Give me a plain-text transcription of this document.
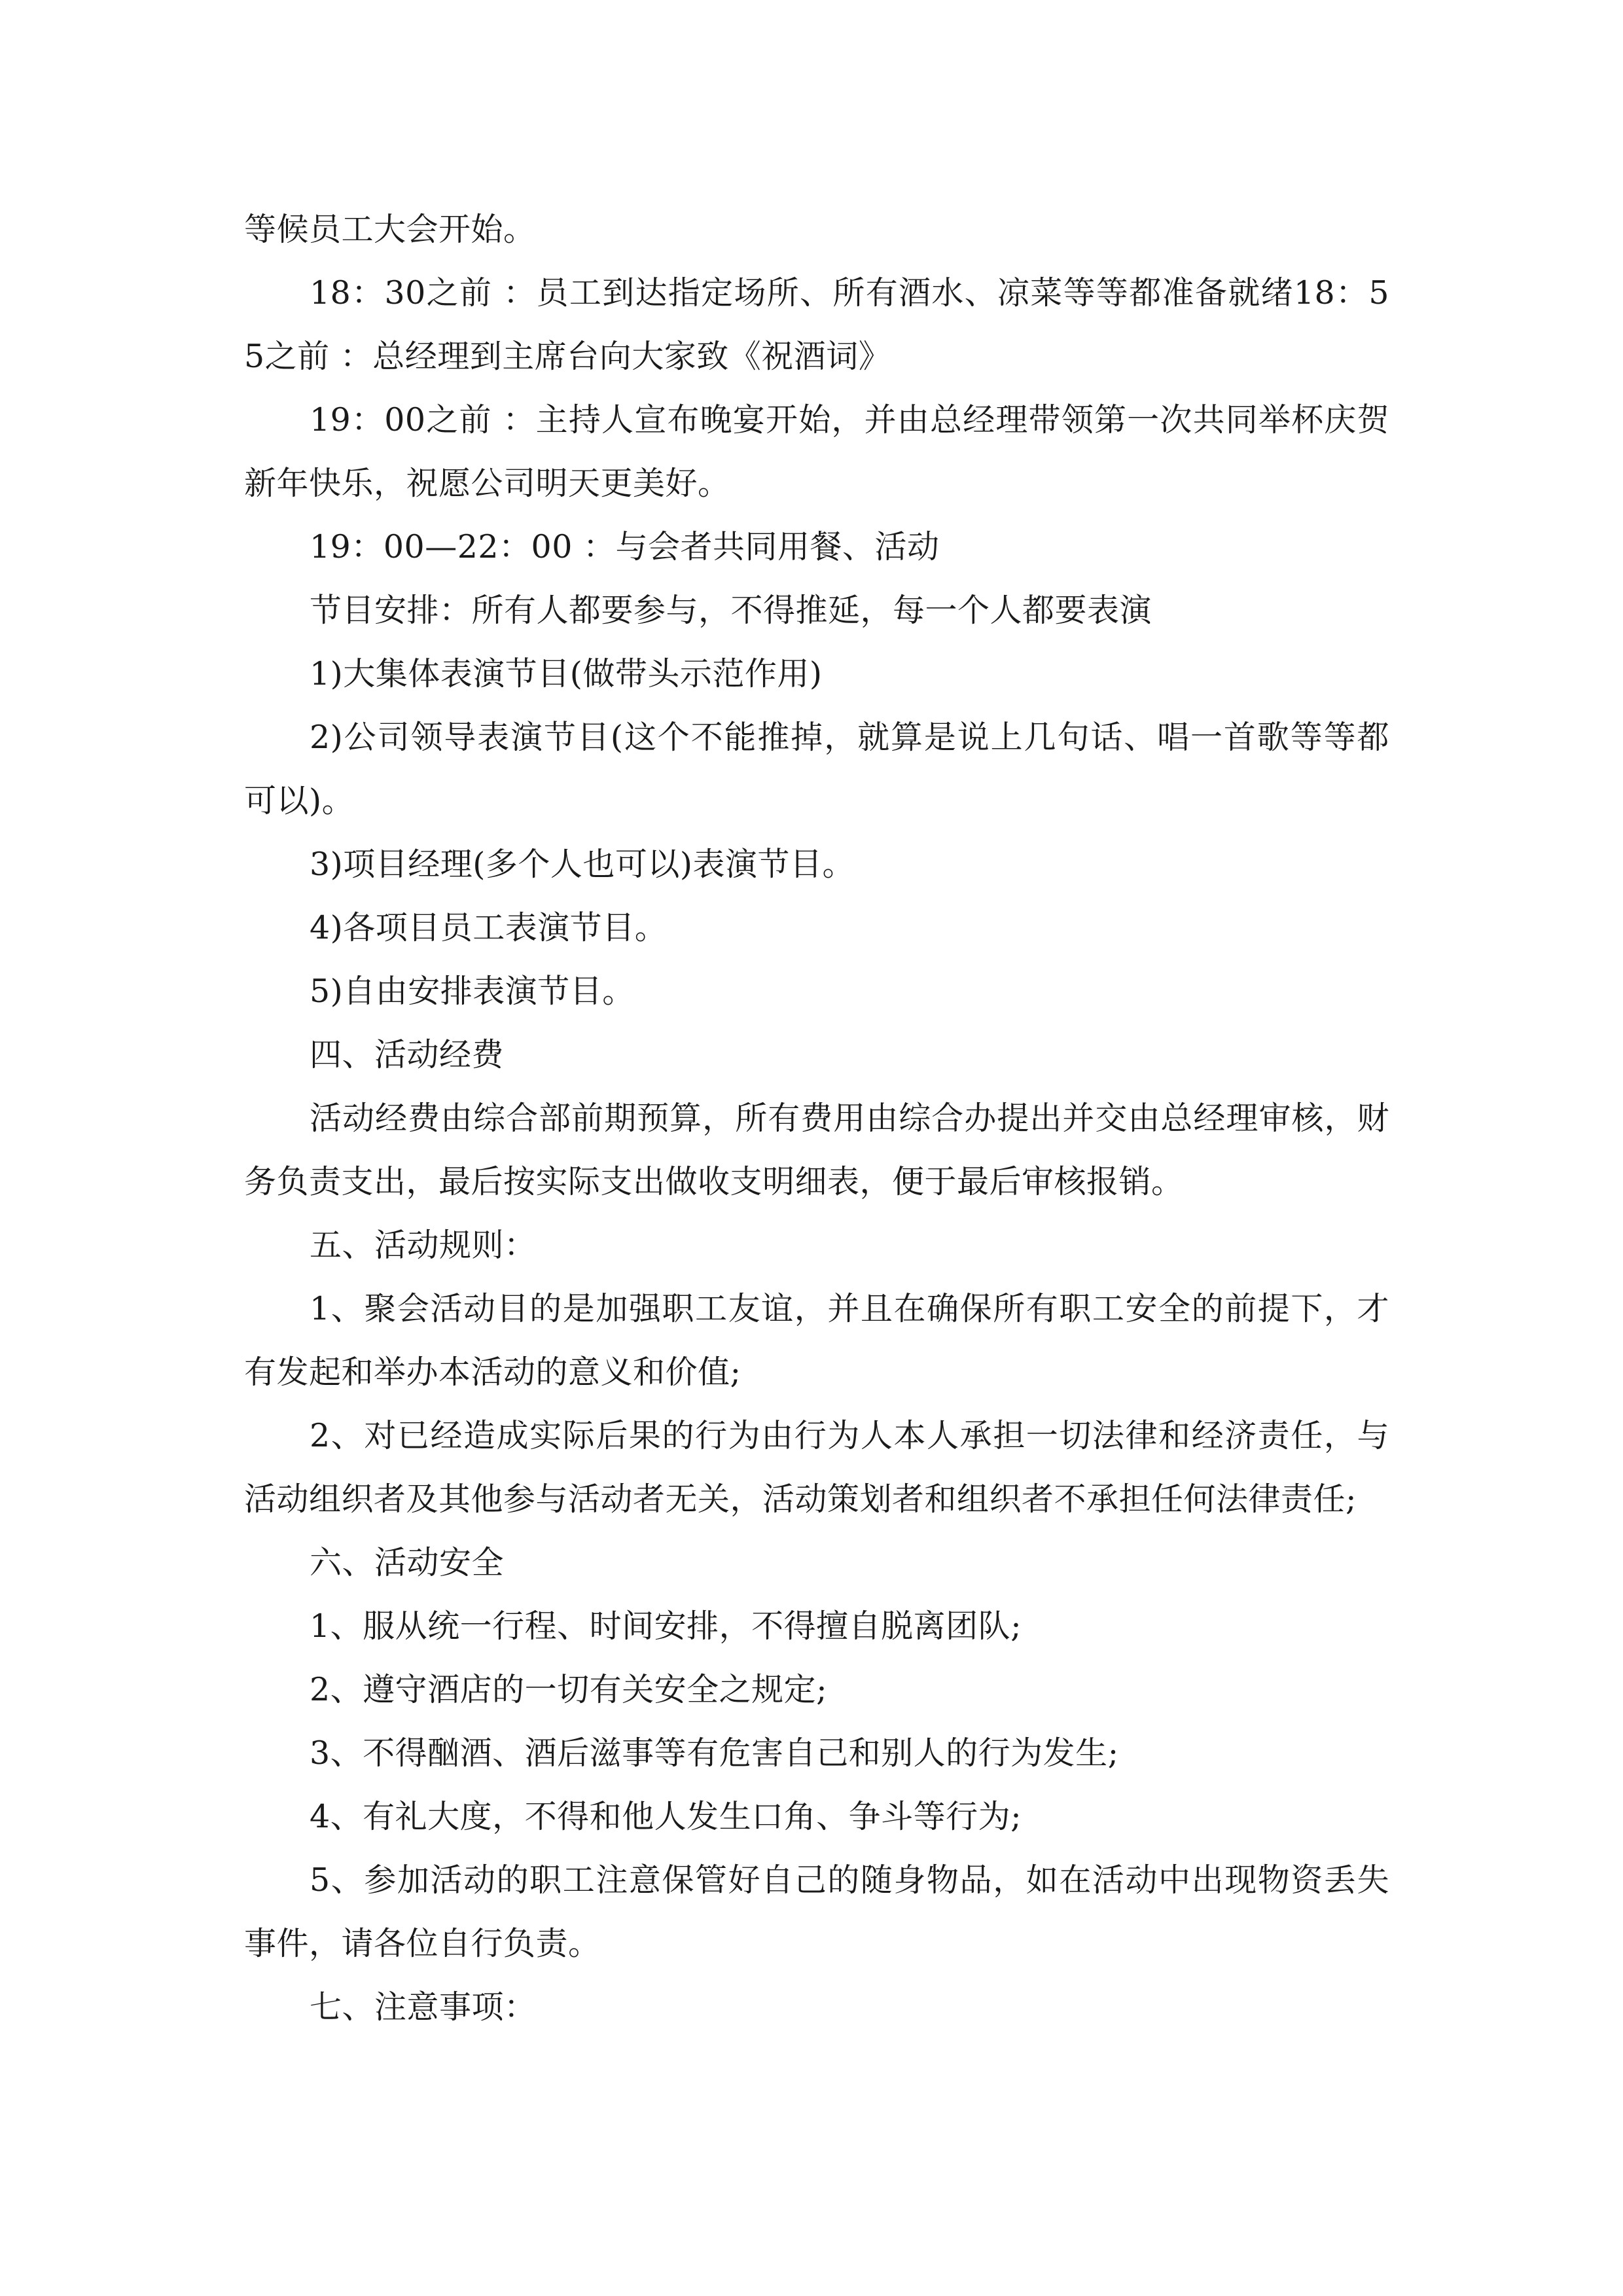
等候员工大会开始。

18：30之前 ：员工到达指定场所、所有酒水、凉菜等等都准备就绪18：55之前 ：总经理到主席台向大家致《祝酒词》

19：00之前 ：主持人宣布晚宴开始，并由总经理带领第一次共同举杯庆贺新年快乐，祝愿公司明天更美好。

19：00—22：00 ：与会者共同用餐、活动

节目安排：所有人都要参与，不得推延，每一个人都要表演

1)大集体表演节目(做带头示范作用)

2)公司领导表演节目(这个不能推掉，就算是说上几句话、唱一首歌等等都可以)。

3)项目经理(多个人也可以)表演节目。

4)各项目员工表演节目。

5)自由安排表演节目。

四、活动经费

活动经费由综合部前期预算，所有费用由综合办提出并交由总经理审核，财务负责支出，最后按实际支出做收支明细表，便于最后审核报销。

五、活动规则：

1、聚会活动目的是加强职工友谊，并且在确保所有职工安全的前提下，才有发起和举办本活动的意义和价值;

2、对已经造成实际后果的行为由行为人本人承担一切法律和经济责任，与活动组织者及其他参与活动者无关，活动策划者和组织者不承担任何法律责任;

六、活动安全

1、服从统一行程、时间安排，不得擅自脱离团队;

2、遵守酒店的一切有关安全之规定;

3、不得酗酒、酒后滋事等有危害自己和别人的行为发生;

4、有礼大度，不得和他人发生口角、争斗等行为;

5、参加活动的职工注意保管好自己的随身物品，如在活动中出现物资丢失事件，请各位自行负责。

七、注意事项：
